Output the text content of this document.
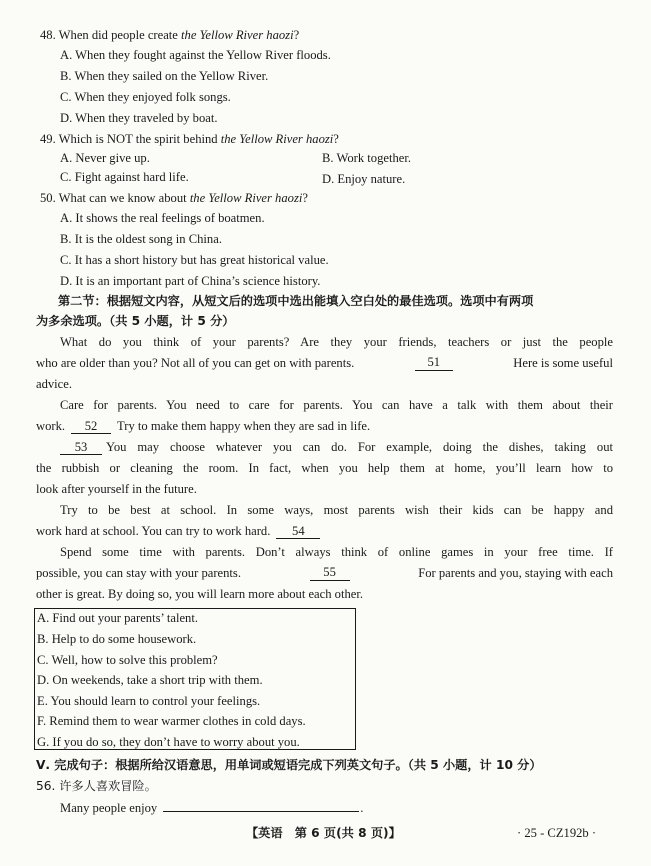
48. When did people create the Yellow River haozi?
A. When they fought against the Yellow River floods.
B. When they sailed on the Yellow River.
C. When they enjoyed folk songs.
D. When they traveled by boat.
49. Which is NOT the spirit behind the Yellow River haozi?
A. Never give up.	B. Work together.
C. Fight against hard life.	D. Enjoy nature.
50. What can we know about the Yellow River haozi?
A. It shows the real feelings of boatmen.
B. It is the oldest song in China.
C. It has a short history but has great historical value.
D. It is an important part of China’s science history.
第二节：根据短文内容，从短文后的选项中选出能填入空白处的最佳选项。选项中有两项
为多余选项。（共 5 小题，计 5 分）
What do you think of your parents? Are they your friends, teachers or just the people
who are older than you? Not all of you can get on with parents.	51	Here is some useful
advice.
Care for parents. You need to care for parents. You can have a talk with them about their
work. 52 Try to make them happy when they are sad in life.
53	You may choose whatever you can do. For example, doing the dishes, taking out
the rubbish or cleaning the room. In fact, when you help them at home, you’ll learn how to
look after yourself in the future.
Try to be best at school. In some ways, most parents wish their kids can be happy and
work hard at school. You can try to work hard. 54
Spend some time with parents. Don’t always think of online games in your free time. If
possible, you can stay with your parents.	55	For parents and you, staying with each
other is great. By doing so, you will learn more about each other.
A. Find out your parents’ talent.
B. Help to do some housework.
C. Well, how to solve this problem?
D. On weekends, take a short trip with them.
E. You should learn to control your feelings.
F. Remind them to wear warmer clothes in cold days.
G. If you do so, they don’t have to worry about you.
Ⅴ. 完成句子：根据所给汉语意思，用单词或短语完成下列英文句子。（共 5 小题，计 10 分）
56. 许多人喜欢冒险。
Many people enjoy	.
【英语　第 6 页(共 8 页)】	· 25 - CZ192b ·
